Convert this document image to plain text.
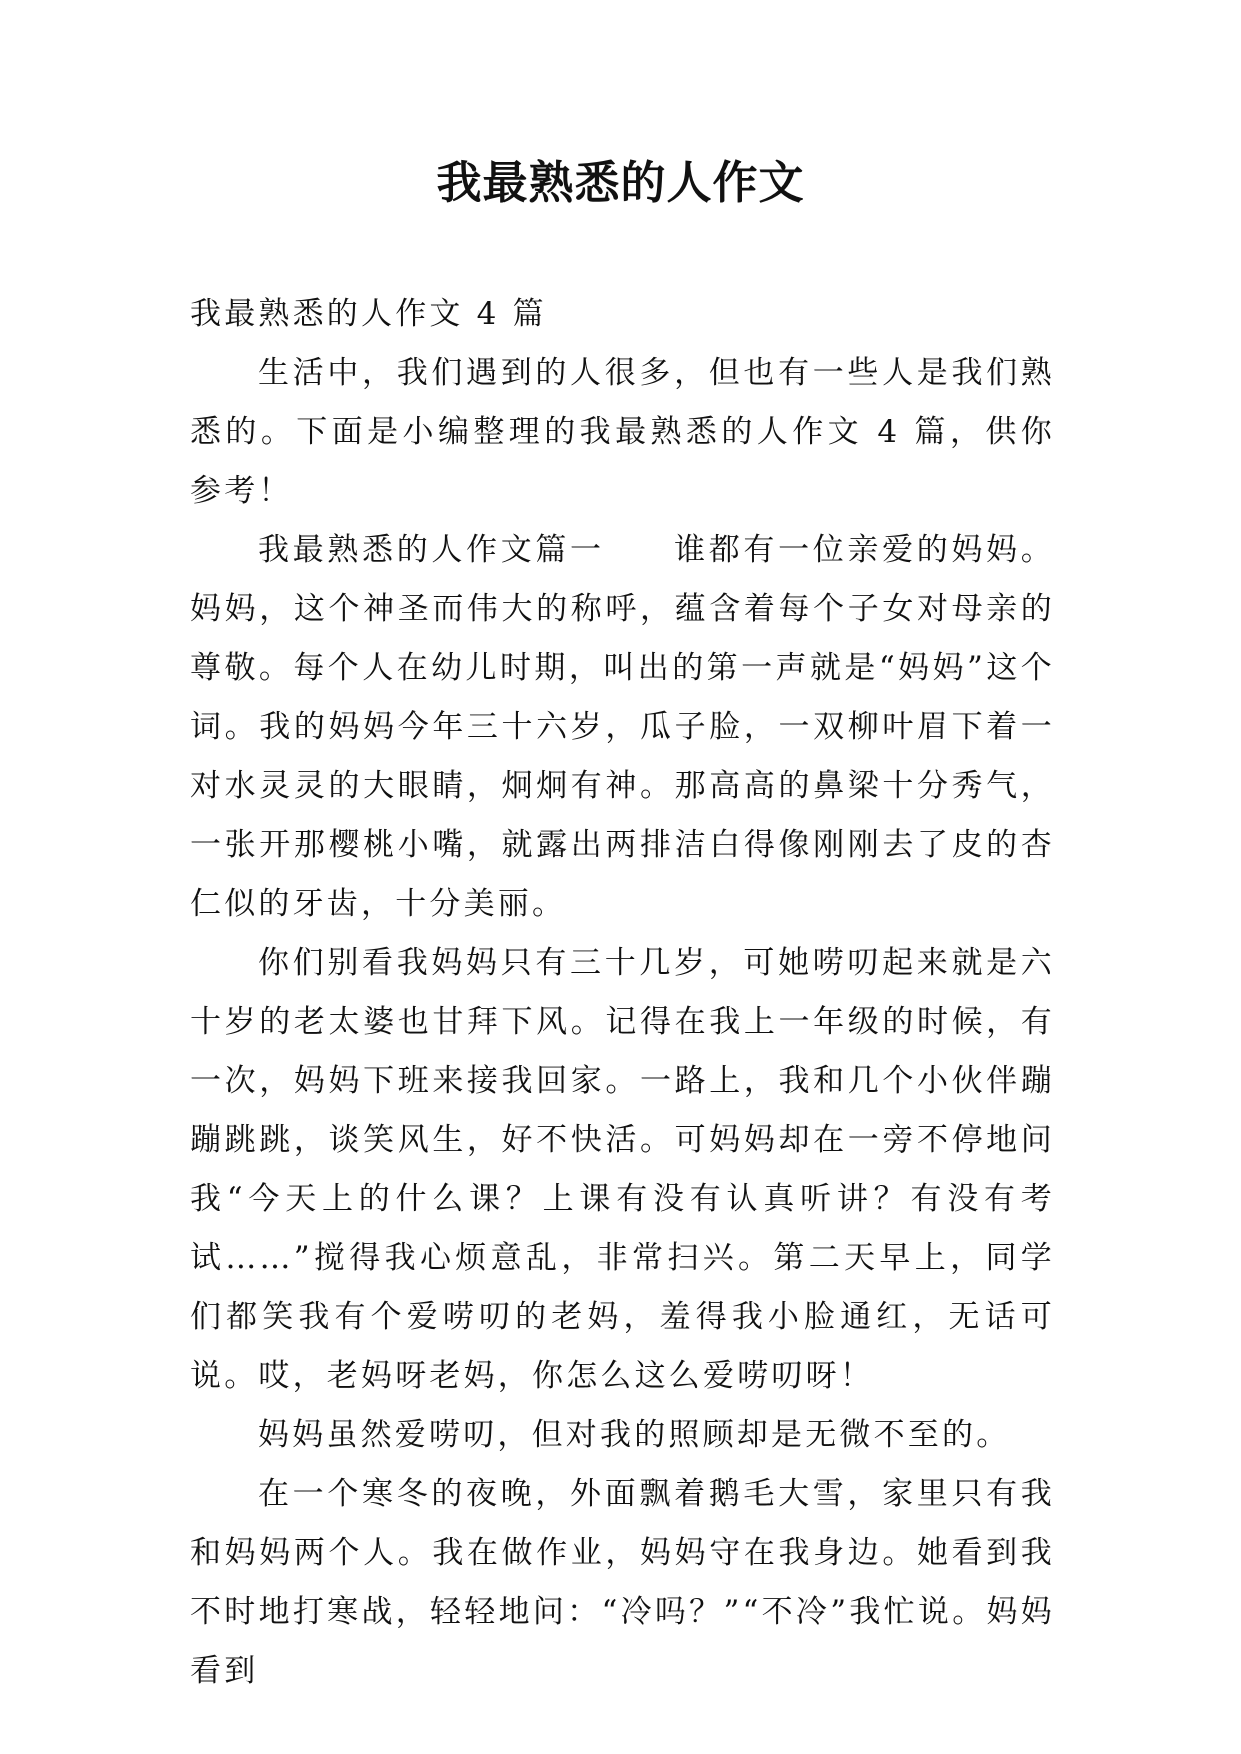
我最熟悉的人作文

我最熟悉的人作文 4 篇

生活中，我们遇到的人很多，但也有一些人是我们熟悉的。下面是小编整理的我最熟悉的人作文 4 篇，供你参考！

我最熟悉的人作文篇一　　谁都有一位亲爱的妈妈。妈妈，这个神圣而伟大的称呼，蕴含着每个子女对母亲的尊敬。每个人在幼儿时期，叫出的第一声就是“妈妈”这个词。我的妈妈今年三十六岁，瓜子脸，一双柳叶眉下着一对水灵灵的大眼睛，炯炯有神。那高高的鼻梁十分秀气，一张开那樱桃小嘴，就露出两排洁白得像刚刚去了皮的杏仁似的牙齿，十分美丽。

你们别看我妈妈只有三十几岁，可她唠叨起来就是六十岁的老太婆也甘拜下风。记得在我上一年级的时候，有一次，妈妈下班来接我回家。一路上，我和几个小伙伴蹦蹦跳跳，谈笑风生，好不快活。可妈妈却在一旁不停地问我“今天上的什么课？上课有没有认真听讲？有没有考试……”搅得我心烦意乱，非常扫兴。第二天早上，同学们都笑我有个爱唠叨的老妈，羞得我小脸通红，无话可说。哎，老妈呀老妈，你怎么这么爱唠叨呀！

妈妈虽然爱唠叨，但对我的照顾却是无微不至的。

在一个寒冬的夜晚，外面飘着鹅毛大雪，家里只有我和妈妈两个人。我在做作业，妈妈守在我身边。她看到我不时地打寒战，轻轻地问：“冷吗？”“不冷”我忙说。妈妈看到
